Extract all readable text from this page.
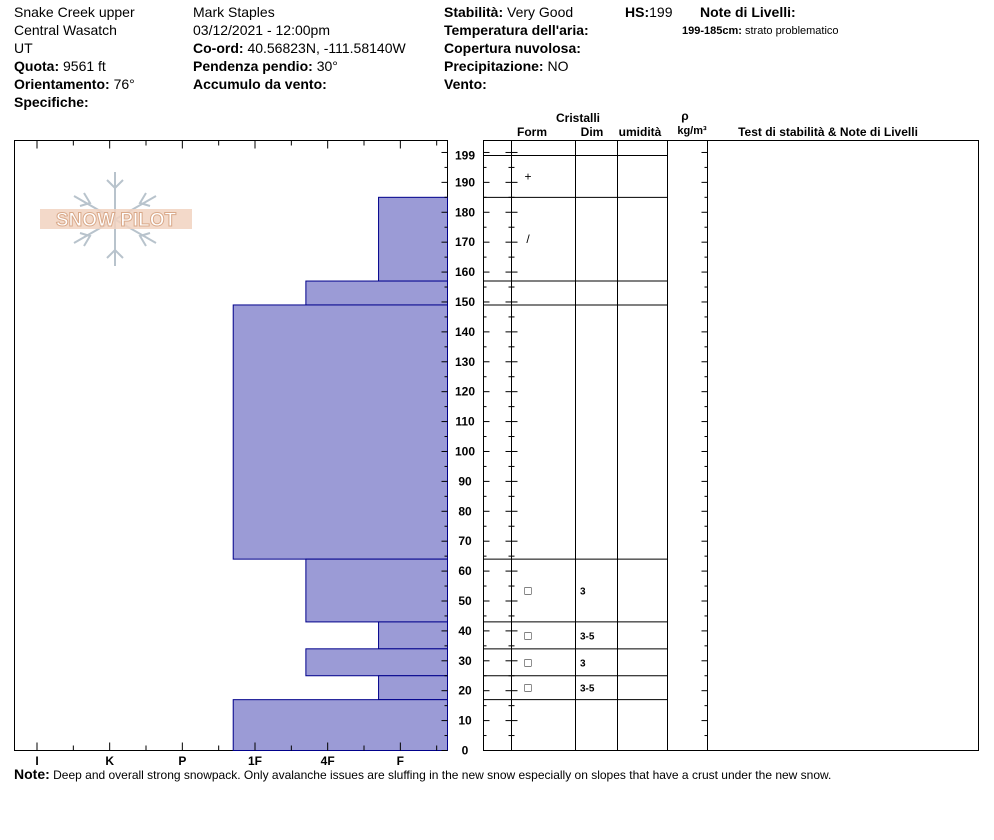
Snake Creek upper
Central Wasatch
UT
Quota: 9561 ft
Orientamento: 76°
Specifiche:
Mark Staples
03/12/2021 - 12:00pm
Co-ord: 40.56823N, -111.58140W
Pendenza pendio: 30°
Accumulo da vento:
Stabilità: Very Good
Temperatura dell'aria:
Copertura nuvolosa:
Precipitazione: NO
Vento:
HS:199 Note di Livelli:
199-185cm: strato problematico
SNOW PILOT
I	K	P	1F	4F	F
0
10
20
30
40
50
60
70
80
90
100
110
120
130
140
150
160
170
180
190
199
+
/
□	3
□	3-5
□	3
□	3-5
Cristalli
Form	Dim umidità
ρ
kg/m³	Test di stabilità & Note di Livelli
Note: Deep and overall strong snowpack. Only avalanche issues are sluffing in the new snow especially on slopes that have a crust under the new snow.
